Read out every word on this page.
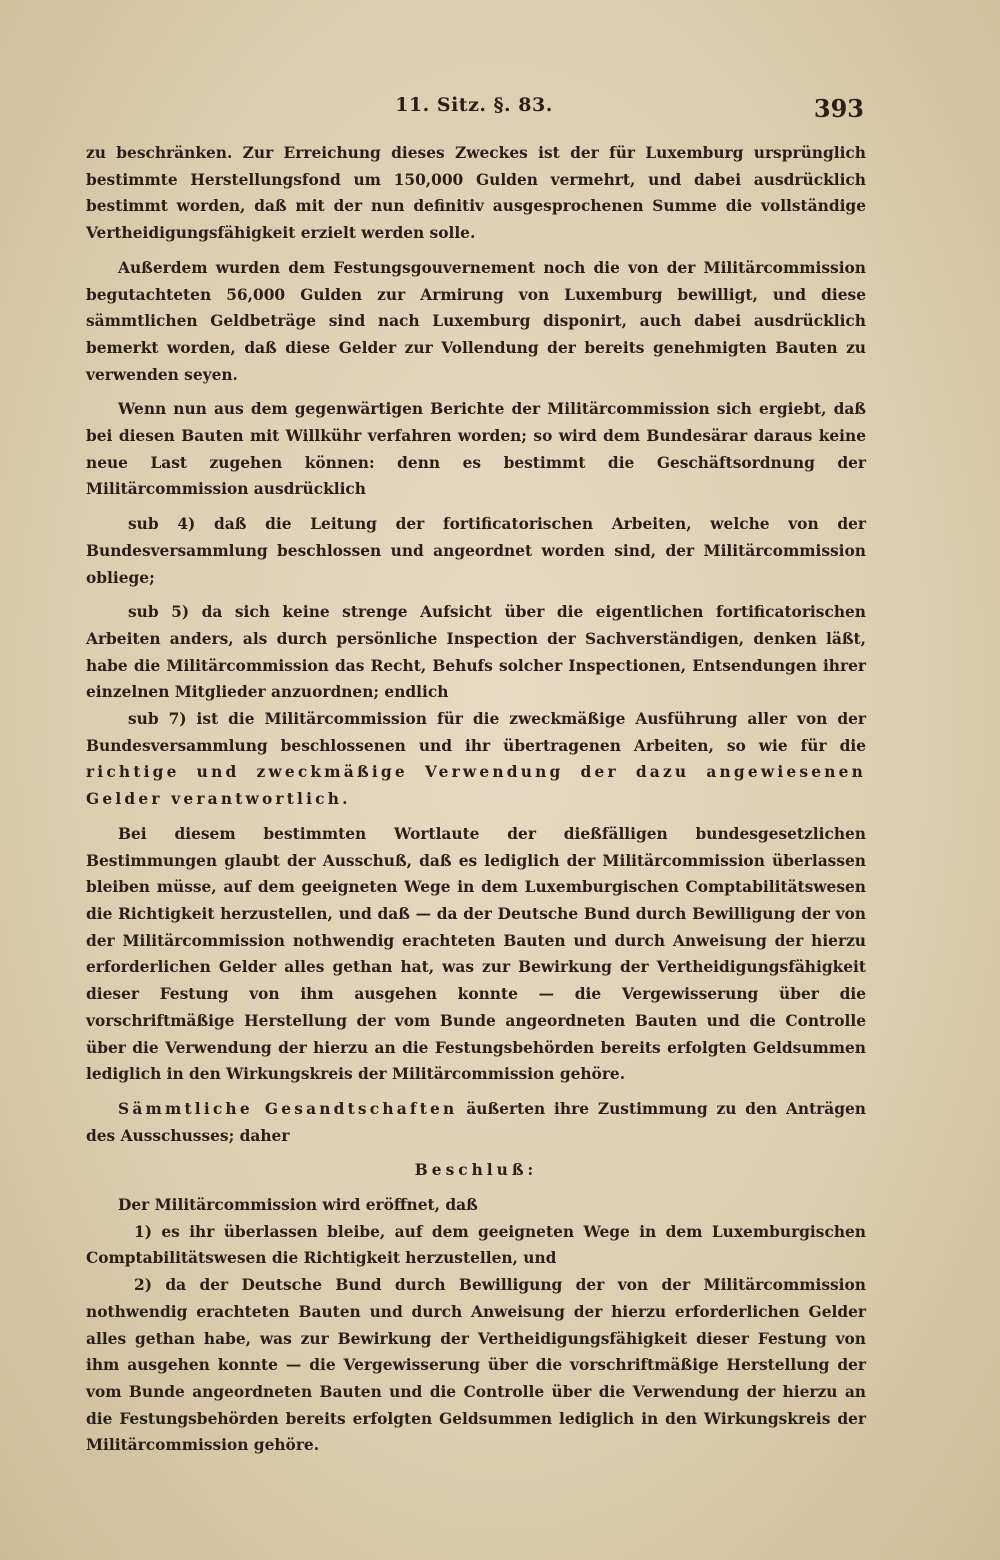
11. Sitz. §. 83.	393

zu beschränken. Zur Erreichung dieses Zweckes ist der für Luxemburg ursprünglich bestimmte Herstellungsfond um 150,000 Gulden vermehrt, und dabei ausdrücklich bestimmt worden, daß mit der nun definitiv ausgesprochenen Summe die vollständige Vertheidigungsfähigkeit erzielt werden solle.

Außerdem wurden dem Festungsgouvernement noch die von der Militärcommission begutachteten 56,000 Gulden zur Armirung von Luxemburg bewilligt, und diese sämmtlichen Geldbeträge sind nach Luxemburg disponirt, auch dabei ausdrücklich bemerkt worden, daß diese Gelder zur Vollendung der bereits genehmigten Bauten zu verwenden seyen.

Wenn nun aus dem gegenwärtigen Berichte der Militärcommission sich ergiebt, daß bei diesen Bauten mit Willkühr verfahren worden; so wird dem Bundesärar daraus keine neue Last zugehen können: denn es bestimmt die Geschäftsordnung der Militärcommission ausdrücklich

sub 4) daß die Leitung der fortificatorischen Arbeiten, welche von der Bundesversammlung beschlossen und angeordnet worden sind, der Militärcommission obliege;

sub 5) da sich keine strenge Aufsicht über die eigentlichen fortificatorischen Arbeiten anders, als durch persönliche Inspection der Sachverständigen, denken läßt, habe die Militärcommission das Recht, Behufs solcher Inspectionen, Entsendungen ihrer einzelnen Mitglieder anzuordnen; endlich

sub 7) ist die Militärcommission für die zweckmäßige Ausführung aller von der Bundesversammlung beschlossenen und ihr übertragenen Arbeiten, so wie für die richtige und zweckmäßige Verwendung der dazu angewiesenen Gelder verantwortlich.

Bei diesem bestimmten Wortlaute der dießfälligen bundesgesetzlichen Bestimmungen glaubt der Ausschuß, daß es lediglich der Militärcommission überlassen bleiben müsse, auf dem geeigneten Wege in dem Luxemburgischen Comptabilitätswesen die Richtigkeit herzustellen, und daß — da der Deutsche Bund durch Bewilligung der von der Militärcommission nothwendig erachteten Bauten und durch Anweisung der hierzu erforderlichen Gelder alles gethan hat, was zur Bewirkung der Vertheidigungsfähigkeit dieser Festung von ihm ausgehen konnte — die Vergewisserung über die vorschriftmäßige Herstellung der vom Bunde angeordneten Bauten und die Controlle über die Verwendung der hierzu an die Festungsbehörden bereits erfolgten Geldsummen lediglich in den Wirkungskreis der Militärcommission gehöre.

Sämmtliche Gesandtschaften äußerten ihre Zustimmung zu den Anträgen des Ausschusses; daher

Beschluß:

Der Militärcommission wird eröffnet, daß

1) es ihr überlassen bleibe, auf dem geeigneten Wege in dem Luxemburgischen Comptabilitätswesen die Richtigkeit herzustellen, und

2) da der Deutsche Bund durch Bewilligung der von der Militärcommission nothwendig erachteten Bauten und durch Anweisung der hierzu erforderlichen Gelder alles gethan habe, was zur Bewirkung der Vertheidigungsfähigkeit dieser Festung von ihm ausgehen konnte — die Vergewisserung über die vorschriftmäßige Herstellung der vom Bunde angeordneten Bauten und die Controlle über die Verwendung der hierzu an die Festungsbehörden bereits erfolgten Geldsummen lediglich in den Wirkungskreis der Militärcommission gehöre.
